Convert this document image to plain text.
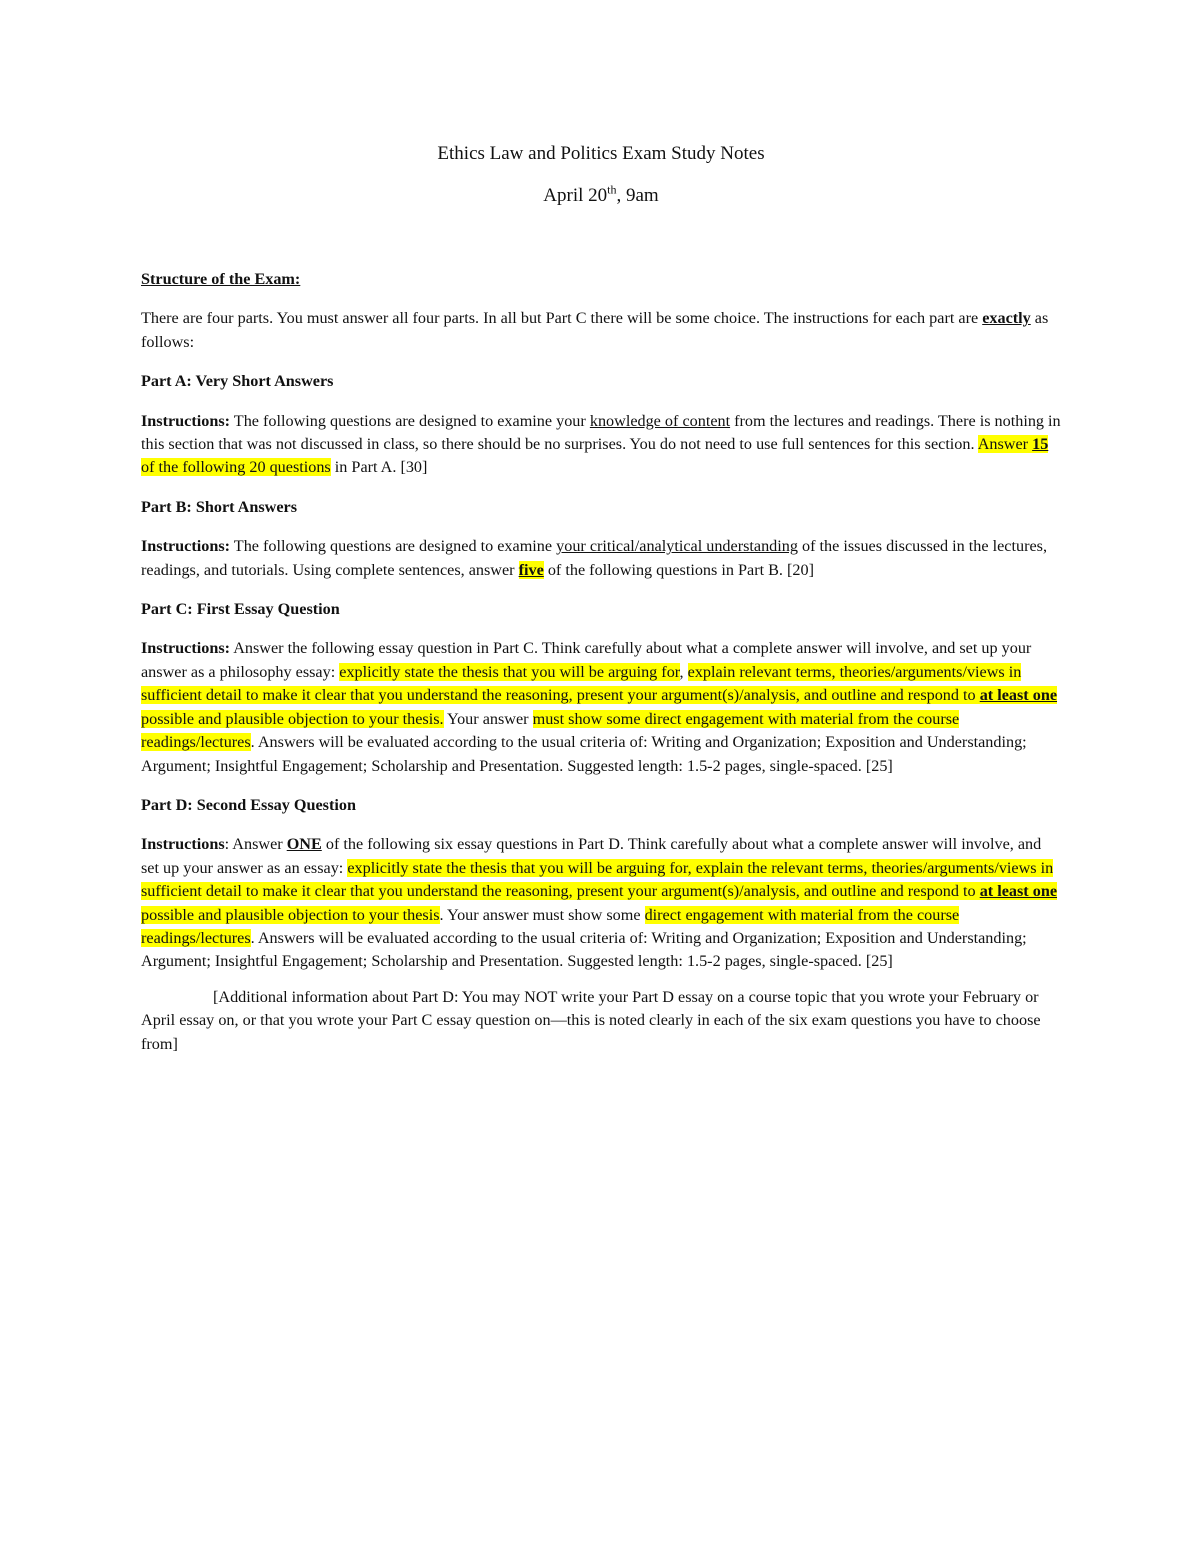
Ethics Law and Politics Exam Study Notes

April 20th, 9am

Structure of the Exam:

There are four parts. You must answer all four parts. In all but Part C there will be some choice. The instructions for each part are exactly as follows:

Part A: Very Short Answers

Instructions: The following questions are designed to examine your knowledge of content from the lectures and readings. There is nothing in this section that was not discussed in class, so there should be no surprises. You do not need to use full sentences for this section. Answer 15 of the following 20 questions in Part A. [30]

Part B: Short Answers

Instructions: The following questions are designed to examine your critical/analytical understanding of the issues discussed in the lectures, readings, and tutorials. Using complete sentences, answer five of the following questions in Part B. [20]

Part C: First Essay Question

Instructions: Answer the following essay question in Part C. Think carefully about what a complete answer will involve, and set up your answer as a philosophy essay: explicitly state the thesis that you will be arguing for, explain relevant terms, theories/arguments/views in sufficient detail to make it clear that you understand the reasoning, present your argument(s)/analysis, and outline and respond to at least one possible and plausible objection to your thesis. Your answer must show some direct engagement with material from the course readings/lectures. Answers will be evaluated according to the usual criteria of: Writing and Organization; Exposition and Understanding; Argument; Insightful Engagement; Scholarship and Presentation. Suggested length: 1.5-2 pages, single-spaced. [25]

Part D: Second Essay Question

Instructions: Answer ONE of the following six essay questions in Part D. Think carefully about what a complete answer will involve, and set up your answer as an essay: explicitly state the thesis that you will be arguing for, explain the relevant terms, theories/arguments/views in sufficient detail to make it clear that you understand the reasoning, present your argument(s)/analysis, and outline and respond to at least one possible and plausible objection to your thesis. Your answer must show some direct engagement with material from the course readings/lectures. Answers will be evaluated according to the usual criteria of: Writing and Organization; Exposition and Understanding; Argument; Insightful Engagement; Scholarship and Presentation. Suggested length: 1.5-2 pages, single-spaced. [25]

[Additional information about Part D: You may NOT write your Part D essay on a course topic that you wrote your February or April essay on, or that you wrote your Part C essay question on—this is noted clearly in each of the six exam questions you have to choose from]
